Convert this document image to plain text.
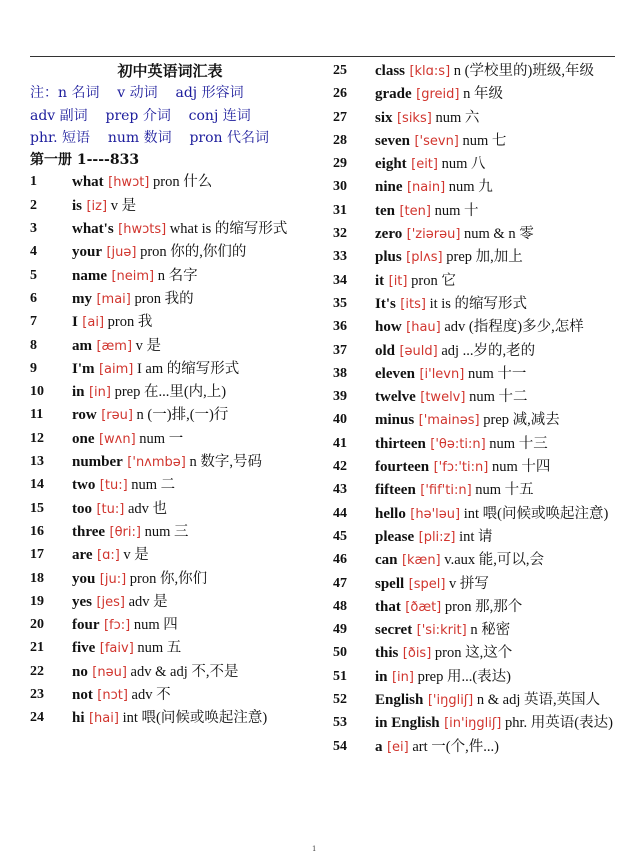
初中英语词汇表
注：n 名词 v 动词 adj 形容词
adv 副词 prep 介词 conj 连词
phr. 短语 num 数词 pron 代名词
第一册 1----833
1	what [hwɔt] pron 什么
2	is [iz] v 是
3	what's [hwɔts] what is 的缩写形式
4	your [juə] pron 你的,你们的
5	name [neim] n 名字
6	my [mai] pron 我的
7	I [ai] pron 我
8	am [æm] v 是
9	I'm [aim] I am 的缩写形式
10	in [in] prep 在...里(内,上)
11	row [rəu] n (一)排,(一)行
12	one [wʌn] num 一
13	number ['nʌmbə] n 数字,号码
14	two [tu:] num 二
15	too [tu:] adv 也
16	three [θri:] num 三
17	are [ɑ:] v 是
18	you [ju:] pron 你,你们
19	yes [jes] adv 是
20	four [fɔ:] num 四
21	five [faiv] num 五
22	no [nəu] adv & adj 不,不是
23	not [nɔt] adv 不
24	hi [hai] int 喂(问候或唤起注意)
25	class [klɑ:s] n (学校里的)班级,年级
26	grade [greid] n 年级
27	six [siks] num 六
28	seven ['sevn] num 七
29	eight [eit] num 八
30	nine [nain] num 九
31	ten [ten] num 十
32	zero ['ziərəu] num & n 零
33	plus [plʌs] prep 加,加上
34	it [it] pron 它
35	It's [its] it is 的缩写形式
36	how [hau] adv (指程度)多少,怎样
37	old [əuld] adj ...岁的,老的
38	eleven [i'levn] num 十一
39	twelve [twelv] num 十二
40	minus ['mainəs] prep 减,减去
41	thirteen ['θə:ti:n] num 十三
42	fourteen ['fɔ:'ti:n] num 十四
43	fifteen ['fif'ti:n] num 十五
44	hello [hə'ləu] int 喂(问候或唤起注意)
45	please [pli:z] int 请
46	can [kæn] v.aux 能,可以,会
47	spell [spel] v 拼写
48	that [ðæt] pron 那,那个
49	secret ['si:krit] n 秘密
50	this [ðis] pron 这,这个
51	in [in] prep 用...(表达)
52	English ['iŋgliʃ] n & adj 英语,英国人
53	in English [in'iŋgliʃ] phr. 用英语(表达)
54	a [ei] art 一(个,件...)
1
